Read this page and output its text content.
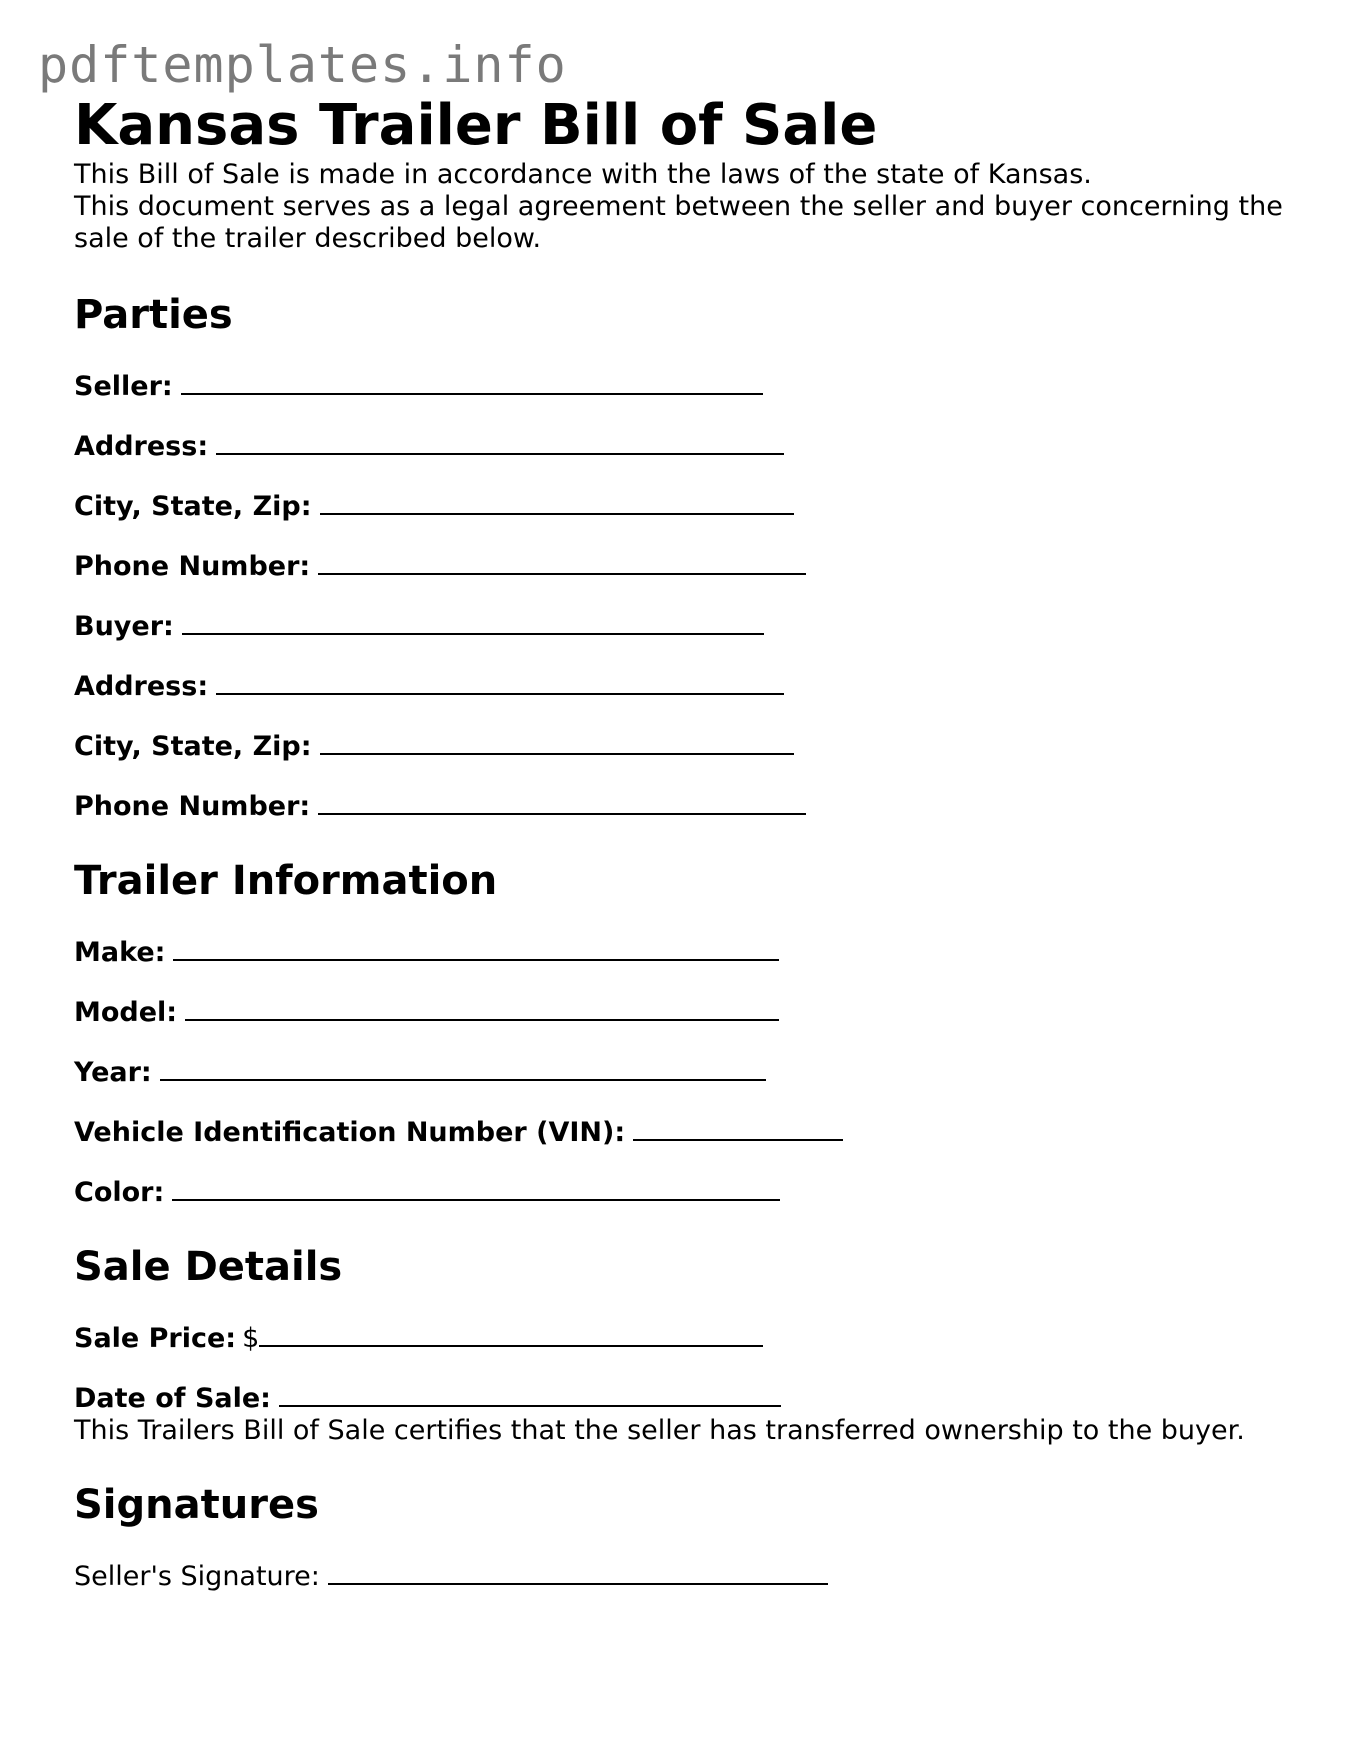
pdftemplates.info
Kansas Trailer Bill of Sale

This Bill of Sale is made in accordance with the laws of the state of Kansas.

This document serves as a legal agreement between the seller and buyer concerning the sale of the trailer described below.

Parties
Seller:
Address:
City, State, Zip:
Phone Number:
Buyer:
Address:
City, State, Zip:
Phone Number:
Trailer Information
Make:
Model:
Year:
Vehicle Identification Number (VIN):
Color:
Sale Details
Sale Price: $
Date of Sale:

This Trailers Bill of Sale certifies that the seller has transferred ownership to the buyer.

Signatures
Seller's Signature:
